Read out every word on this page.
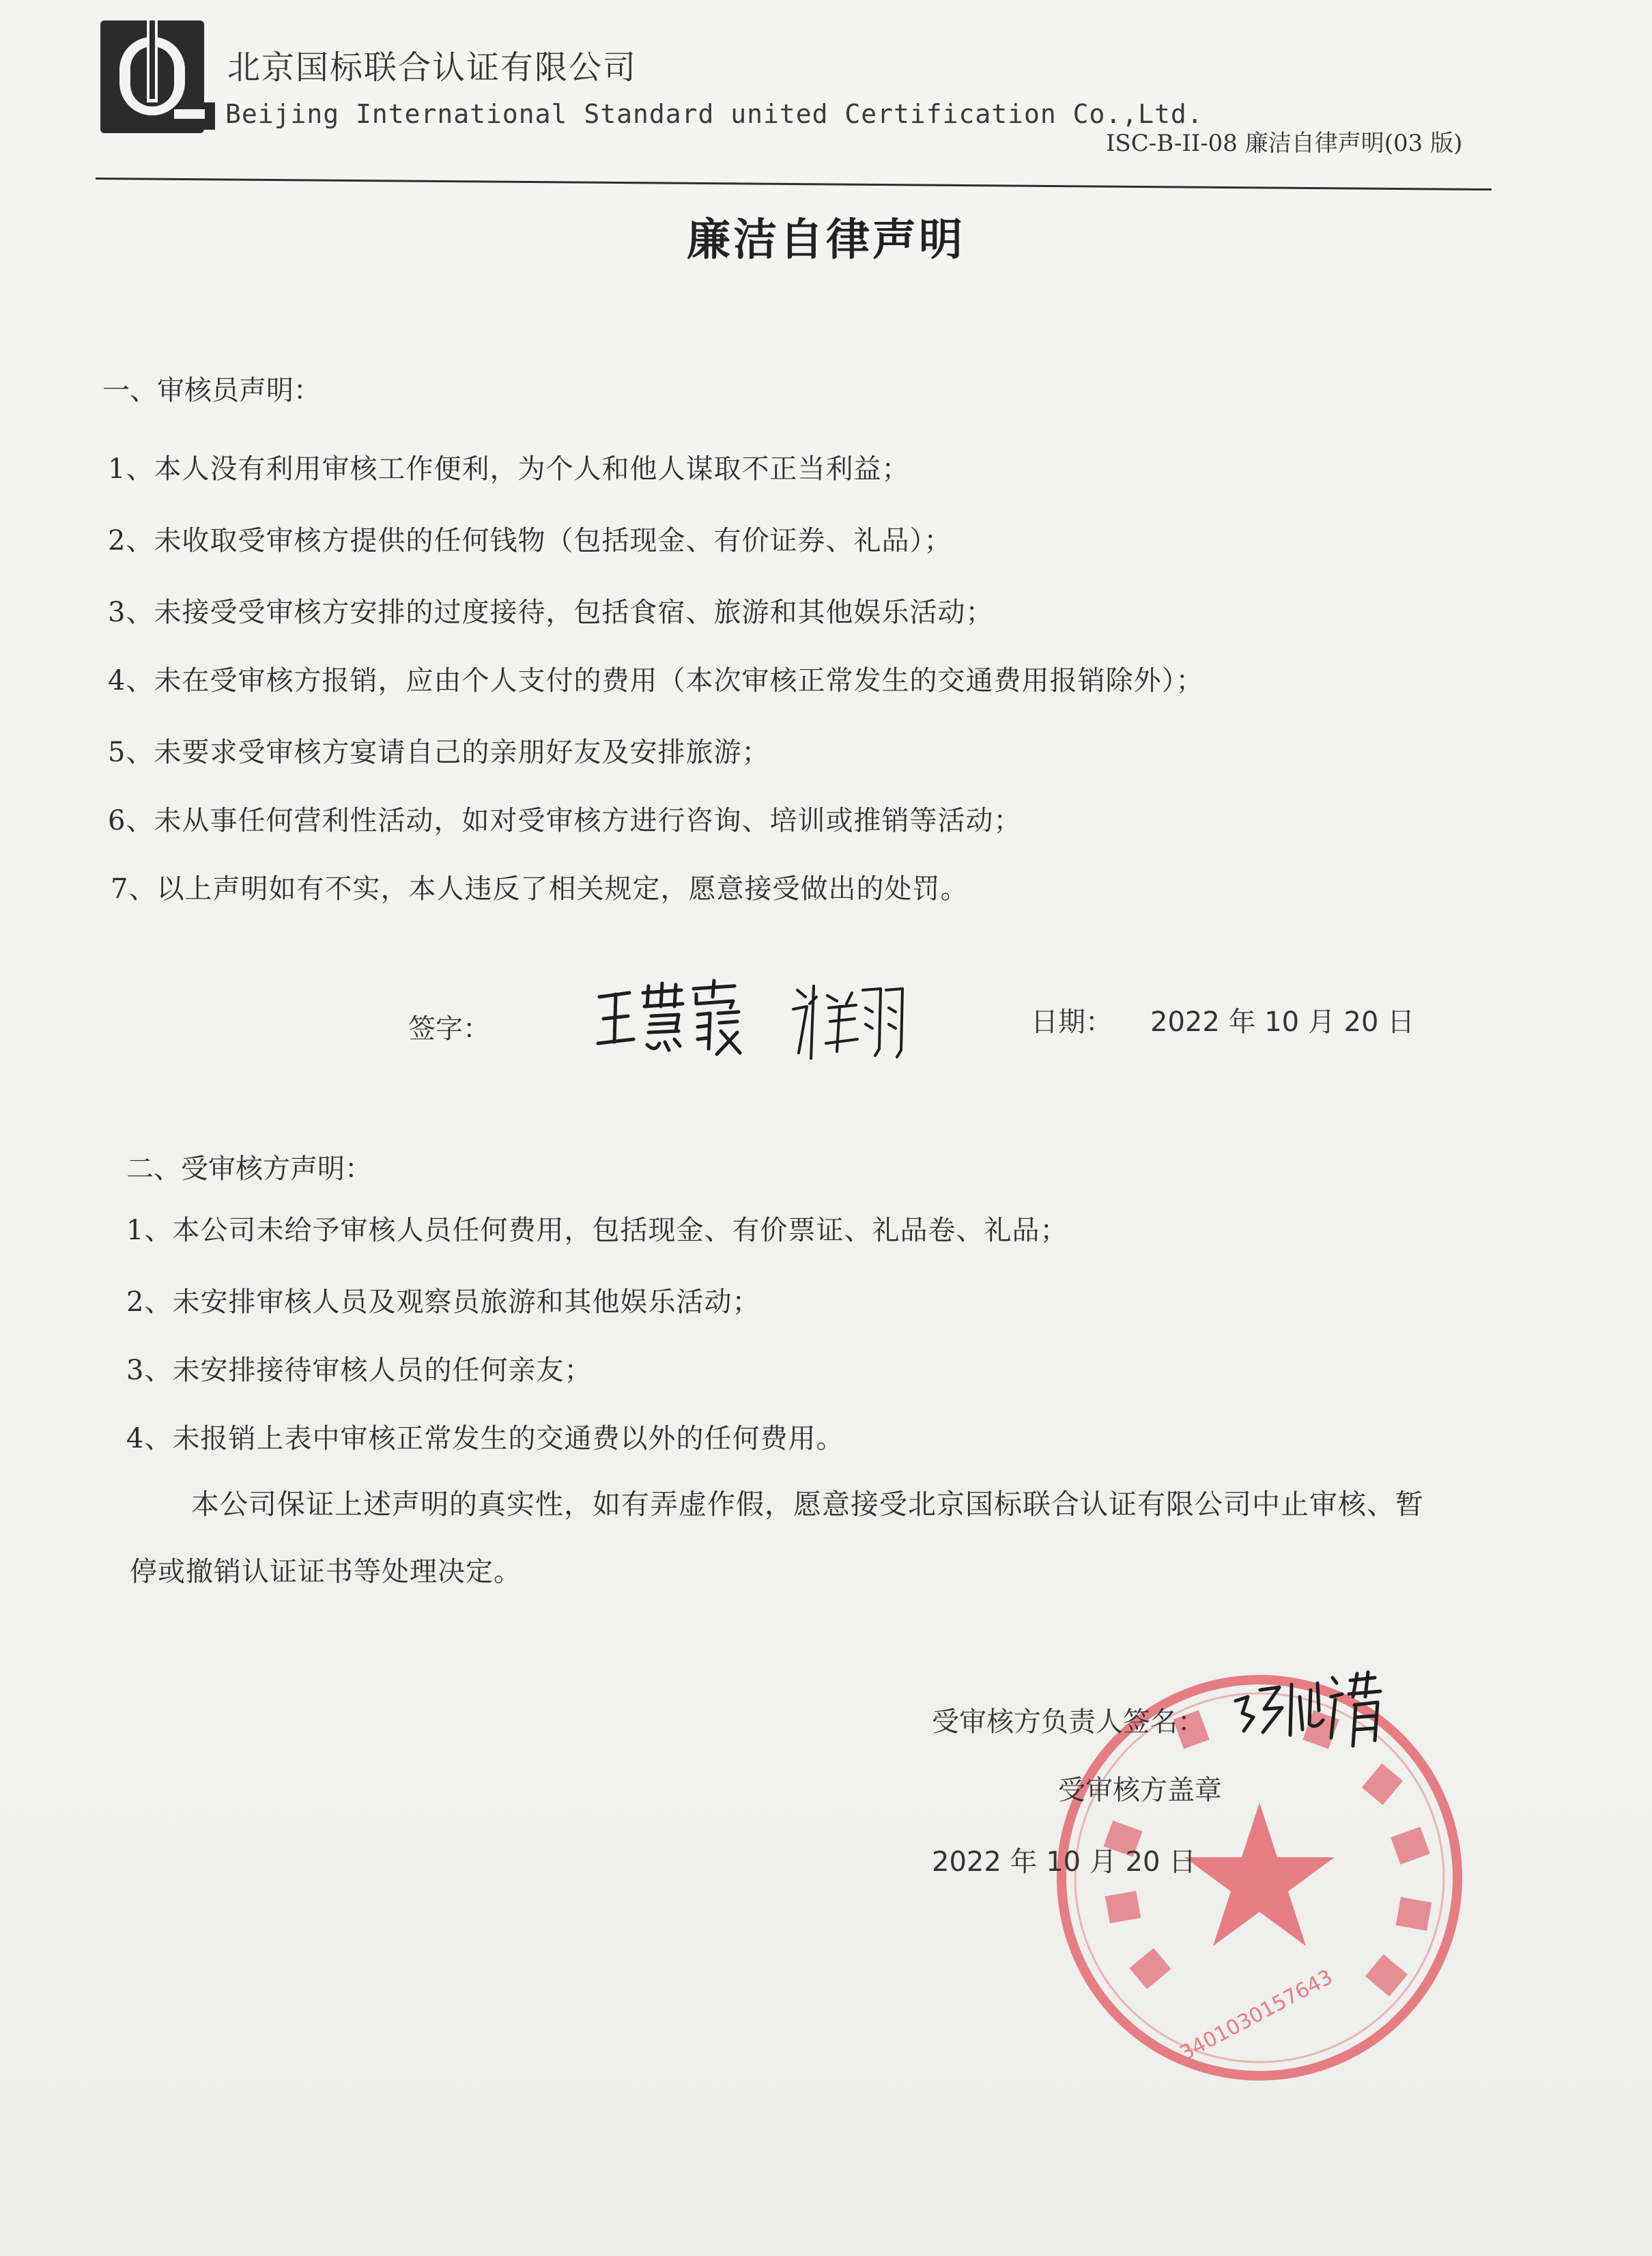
北京国标联合认证有限公司
Beijing International Standard united Certification Co.,Ltd.
ISC-B-II-08 廉洁自律声明(03 版)
廉洁自律声明
一、审核员声明：
1、本人没有利用审核工作便利，为个人和他人谋取不正当利益；
2、未收取受审核方提供的任何钱物（包括现金、有价证券、礼品）；
3、未接受受审核方安排的过度接待，包括食宿、旅游和其他娱乐活动；
4、未在受审核方报销，应由个人支付的费用（本次审核正常发生的交通费用报销除外）；
5、未要求受审核方宴请自己的亲朋好友及安排旅游；
6、未从事任何营利性活动，如对受审核方进行咨询、培训或推销等活动；
7、以上声明如有不实，本人违反了相关规定，愿意接受做出的处罚。
签字：	日期： 2022 年 10 月 20 日
二、受审核方声明：
1、本公司未给予审核人员任何费用，包括现金、有价票证、礼品卷、礼品；
2、未安排审核人员及观察员旅游和其他娱乐活动；
3、未安排接待审核人员的任何亲友；
4、未报销上表中审核正常发生的交通费以外的任何费用。
本公司保证上述声明的真实性，如有弄虚作假，愿意接受北京国标联合认证有限公司中止审核、暂
停或撤销认证证书等处理决定。
3401030157643
受审核方负责人签名：
受审核方盖章
2022 年 10 月 20 日
